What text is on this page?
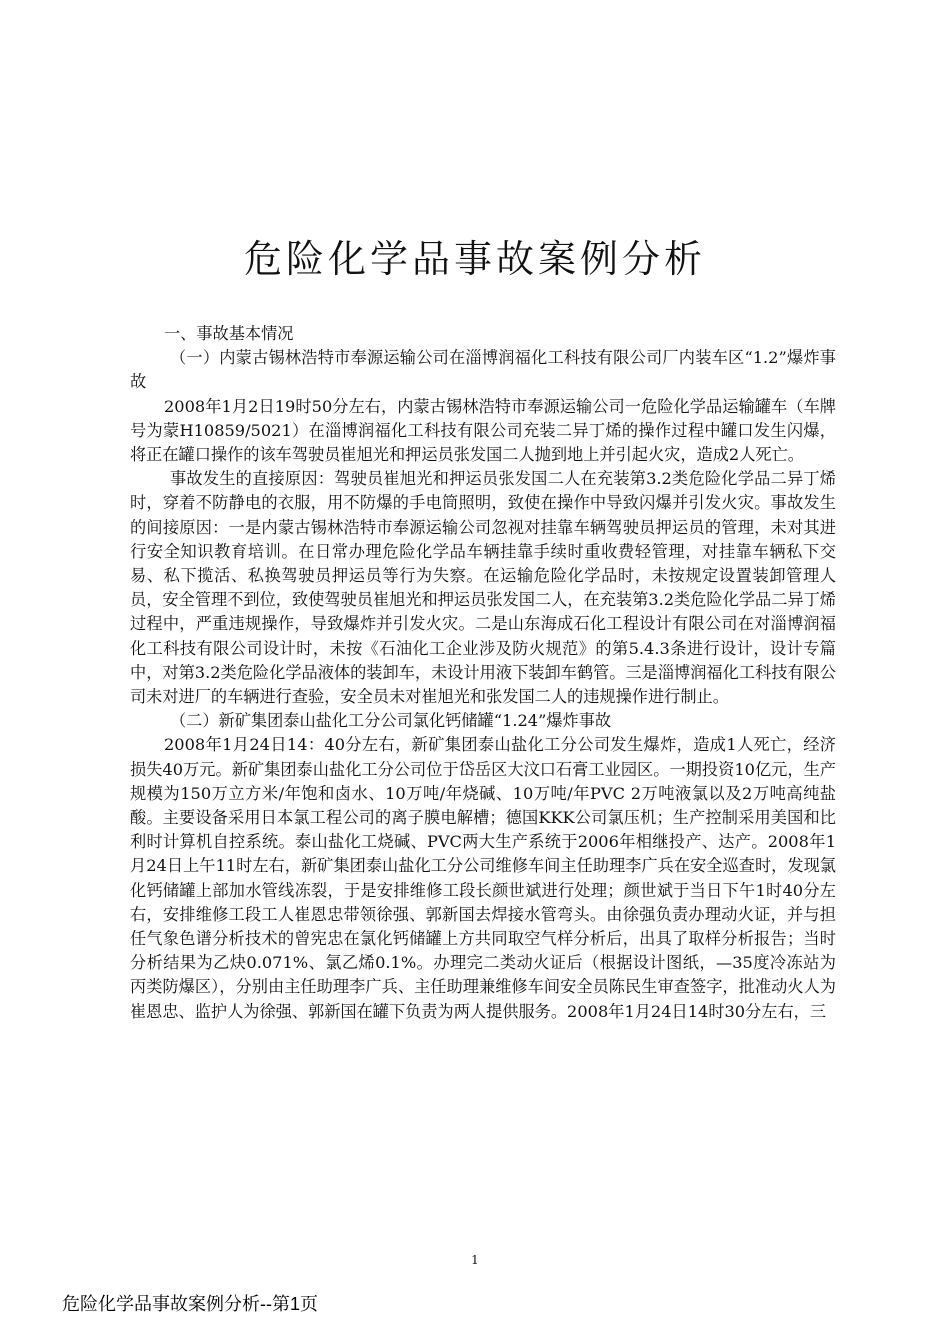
危险化学品事故案例分析

一、事故基本情况

（一）内蒙古锡林浩特市奉源运输公司在淄博润福化工科技有限公司厂内装车区“1.2”爆炸事故

2008年1月2日19时50分左右，内蒙古锡林浩特市奉源运输公司一危险化学品运输罐车（车牌号为蒙H10859/5021）在淄博润福化工科技有限公司充装二异丁烯的操作过程中罐口发生闪爆，将正在罐口操作的该车驾驶员崔旭光和押运员张发国二人抛到地上并引起火灾，造成2人死亡。

事故发生的直接原因：驾驶员崔旭光和押运员张发国二人在充装第3.2类危险化学品二异丁烯时，穿着不防静电的衣服，用不防爆的手电筒照明，致使在操作中导致闪爆并引发火灾。事故发生的间接原因：一是内蒙古锡林浩特市奉源运输公司忽视对挂靠车辆驾驶员押运员的管理，未对其进行安全知识教育培训。在日常办理危险化学品车辆挂靠手续时重收费轻管理，对挂靠车辆私下交易、私下揽活、私换驾驶员押运员等行为失察。在运输危险化学品时，未按规定设置装卸管理人员，安全管理不到位，致使驾驶员崔旭光和押运员张发国二人，在充装第3.2类危险化学品二异丁烯过程中，严重违规操作，导致爆炸并引发火灾。二是山东海成石化工程设计有限公司在对淄博润福化工科技有限公司设计时，未按《石油化工企业涉及防火规范》的第5.4.3条进行设计，设计专篇中，对第3.2类危险化学品液体的装卸车，未设计用液下装卸车鹤管。三是淄博润福化工科技有限公司未对进厂的车辆进行查验，安全员未对崔旭光和张发国二人的违规操作进行制止。

（二）新矿集团泰山盐化工分公司氯化钙储罐“1.24”爆炸事故

2008年1月24日14：40分左右，新矿集团泰山盐化工分公司发生爆炸，造成1人死亡，经济损失40万元。新矿集团泰山盐化工分公司位于岱岳区大汶口石膏工业园区。一期投资10亿元，生产规模为150万立方米/年饱和卤水、10万吨/年烧碱、10万吨/年PVC 2万吨液氯以及2万吨高纯盐酸。主要设备采用日本氯工程公司的离子膜电解槽；德国KKK公司氯压机；生产控制采用美国和比利时计算机自控系统。泰山盐化工烧碱、PVC两大生产系统于2006年相继投产、达产。2008年1月24日上午11时左右，新矿集团泰山盐化工分公司维修车间主任助理李广兵在安全巡查时，发现氯化钙储罐上部加水管线冻裂，于是安排维修工段长颜世斌进行处理；颜世斌于当日下午1时40分左右，安排维修工段工人崔恩忠带领徐强、郭新国去焊接水管弯头。由徐强负责办理动火证，并与担任气象色谱分析技术的曾宪忠在氯化钙储罐上方共同取空气样分析后，出具了取样分析报告；当时分析结果为乙炔0.071%、氯乙烯0.1%。办理完二类动火证后（根据设计图纸，—35度冷冻站为丙类防爆区），分别由主任助理李广兵、主任助理兼维修车间安全员陈民生审查签字，批准动火人为崔恩忠、监护人为徐强、郭新国在罐下负责为两人提供服务。2008年1月24日14时30分左右，三

1
危险化学品事故案例分析--第1页
